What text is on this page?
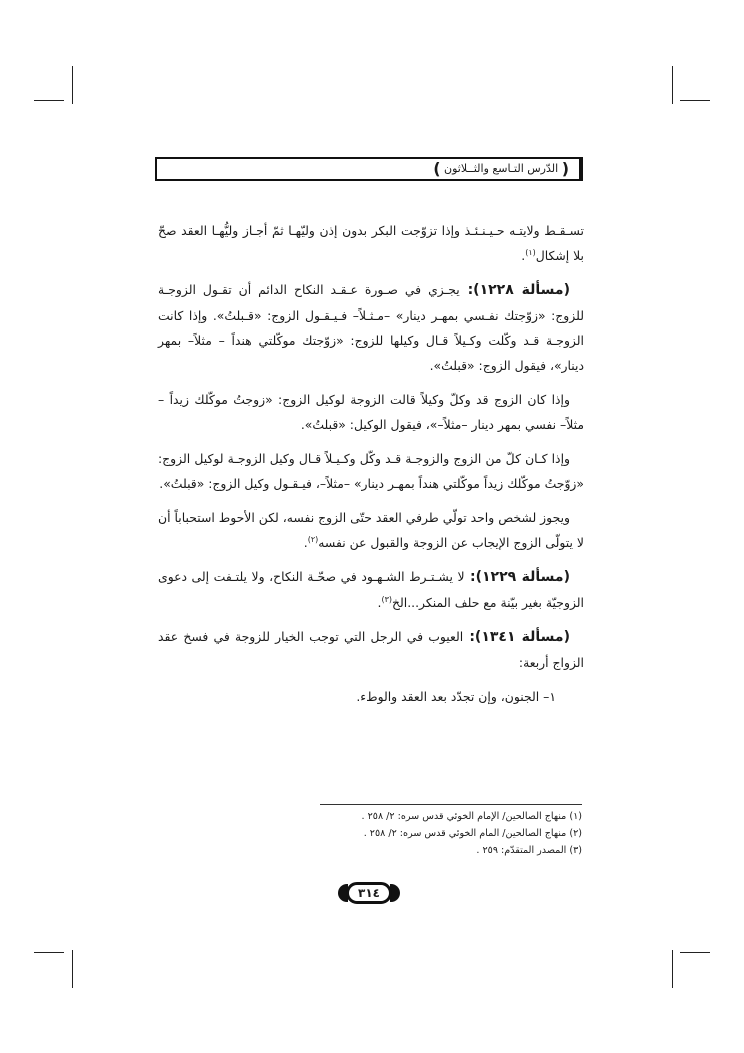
( الدّرس التـاسع والثــلاثون )

تسـقـط ولايتـه حـيـنـئـذ وإذا تزوّجت البكر بدون إذن وليّهـا ثمّ أجـاز وليُّهـا العقد صحّ بلا إشكال$^{(١)}$.

(مسألة ١٢٢٨): يجـزي في صـورة عـقـد النكاح الدائم أن تقـول الزوجـة للزوج: «زوّجتك نفـسي بمهـر دينار» –مـثـلاً– فـيـقـول الزوج: «قـبلتُ». وإذا كانت الزوجـة قـد وكّلت وكـيلاً قـال وكيلها للزوج: «زوّجتك موكّلتي هنداً – مثلاً– بمهر دينار»، فيقول الزوج: «قبلتُ».

وإذا كان الزوج قد وكلّ وكيلاً قالت الزوجة لوكيل الزوج: «زوجتُ موكّلك زيداً –مثلاً– نفسي بمهر دينار –مثلاً–»، فيقول الوكيل: «قبلتُ».

وإذا كـان كلّ من الزوج والزوجـة قـد وكّل وكـيـلاً قـال وكيل الزوجـة لوكيل الزوج: «زوّجتُ موكّلك زيداً موكّلتي هنداً بمهـر دينار» –مثلاً–، فيـقـول وكيل الزوج: «قبلتُ».

ويجوز لشخص واحد تولّي طرفي العقد حتّى الزوج نفسه، لكن الأحوط استحباباً أن لا يتولّى الزوج الإيجاب عن الزوجة والقبول عن نفسه$^{(٢)}$.

(مسألة ١٢٢٩): لا يشـتـرط الشـهـود في صحّـة النكاح، ولا يلتـفت إلى دعوى الزوجيّة بغير بيّنة مع حلف المنكر...الخ$^{(٣)}$.

(مسألة ١٣٤١): العيوب في الرجل التي توجب الخيار للزوجة في فسخ عقد الزواج أربعة:

١– الجنون، وإن تجدّد بعد العقد والوطء.

(١) منهاج الصالحين/ الإمام الخوئي قدس سره: ٢/ ٢٥٨ .
(٢) منهاج الصالحين/ المام الخوئي قدس سره: ٢/ ٢٥٨ .
(٣) المصدر المتقدّم: ٢٥٩ .
٣١٤
